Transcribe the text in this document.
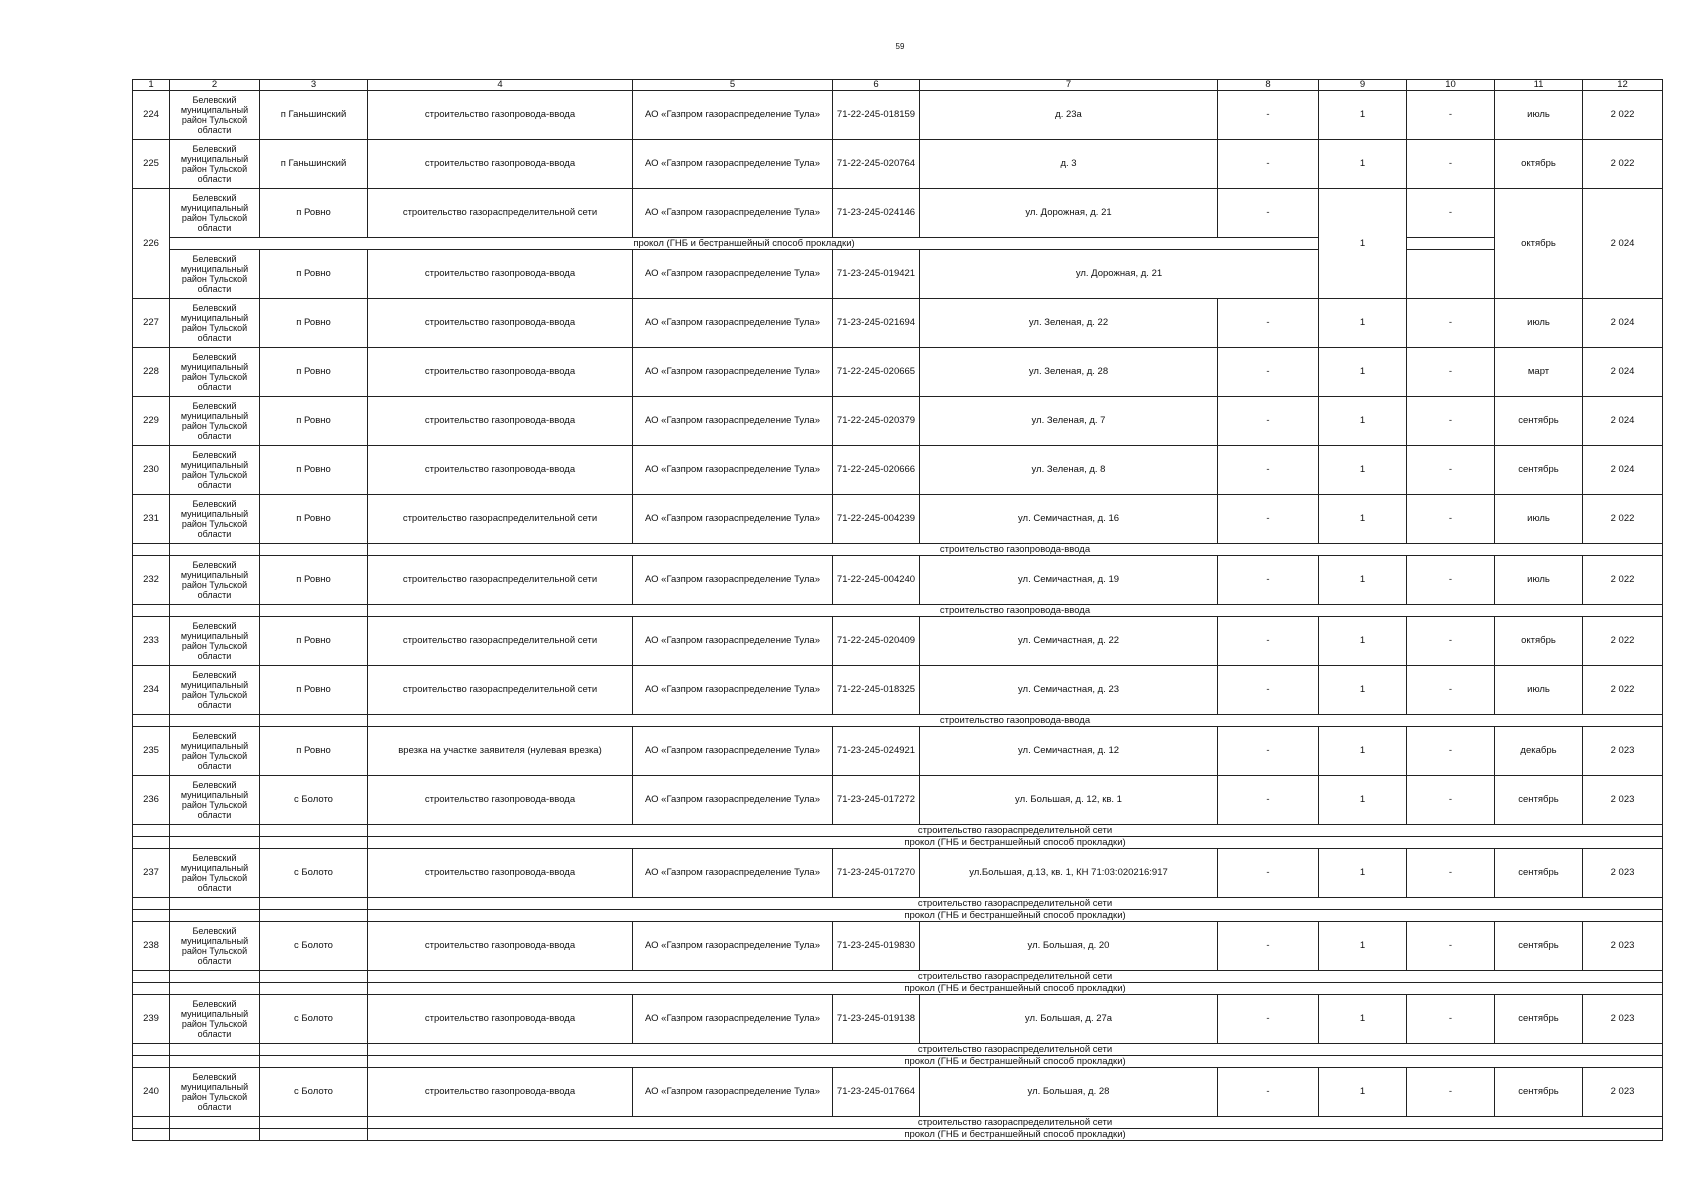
59
1	2	3	4	5	6	7	8	9	10	11	12
224	Белевский муниципальный район Тульской области	п Ганьшинский	строительство газопровода-ввода	АО «Газпром газораспределение Тула»	71-22-245-018159	д. 23а	-	1	-	июль	2 022
225	Белевский муниципальный район Тульской области	п Ганьшинский	строительство газопровода-ввода	АО «Газпром газораспределение Тула»	71-22-245-020764	д. 3	-	1	-	октябрь	2 022
226	Белевский муниципальный район Тульской области	п Ровно	строительство газораспределительной сети	АО «Газпром газораспределение Тула»	71-23-245-024146	ул. Дорожная, д. 21	-	1	-	октябрь	2 024
	прокол (ГНБ и бестраншейный способ прокладки)										
	Белевский муниципальный район Тульской области	п Ровно	строительство газопровода-ввода	АО «Газпром газораспределение Тула»	71-23-245-019421	ул. Дорожная, д. 21					
227	Белевский муниципальный район Тульской области	п Ровно	строительство газопровода-ввода	АО «Газпром газораспределение Тула»	71-23-245-021694	ул. Зеленая, д. 22	-	1	-	июль	2 024
228	Белевский муниципальный район Тульской области	п Ровно	строительство газопровода-ввода	АО «Газпром газораспределение Тула»	71-22-245-020665	ул. Зеленая, д. 28	-	1	-	март	2 024
229	Белевский муниципальный район Тульской области	п Ровно	строительство газопровода-ввода	АО «Газпром газораспределение Тула»	71-22-245-020379	ул. Зеленая, д. 7	-	1	-	сентябрь	2 024
230	Белевский муниципальный район Тульской области	п Ровно	строительство газопровода-ввода	АО «Газпром газораспределение Тула»	71-22-245-020666	ул. Зеленая, д. 8	-	1	-	сентябрь	2 024
231	Белевский муниципальный район Тульской области	п Ровно	строительство газораспределительной сети	АО «Газпром газораспределение Тула»	71-22-245-004239	ул. Семичастная, д. 16	-	1	-	июль	2 022
			строительство газопровода-ввода								
232	Белевский муниципальный район Тульской области	п Ровно	строительство газораспределительной сети	АО «Газпром газораспределение Тула»	71-22-245-004240	ул. Семичастная, д. 19	-	1	-	июль	2 022
			строительство газопровода-ввода								
233	Белевский муниципальный район Тульской области	п Ровно	строительство газораспределительной сети	АО «Газпром газораспределение Тула»	71-22-245-020409	ул. Семичастная, д. 22	-	1	-	октябрь	2 022
234	Белевский муниципальный район Тульской области	п Ровно	строительство газораспределительной сети	АО «Газпром газораспределение Тула»	71-22-245-018325	ул. Семичастная, д. 23	-	1	-	июль	2 022
			строительство газопровода-ввода								
235	Белевский муниципальный район Тульской области	п Ровно	врезка на участке заявителя (нулевая врезка)	АО «Газпром газораспределение Тула»	71-23-245-024921	ул. Семичастная, д. 12	-	1	-	декабрь	2 023
236	Белевский муниципальный район Тульской области	с Болото	строительство газопровода-ввода	АО «Газпром газораспределение Тула»	71-23-245-017272	ул. Большая, д. 12, кв. 1	-	1	-	сентябрь	2 023
			строительство газораспределительной сети								
			прокол (ГНБ и бестраншейный способ прокладки)								
237	Белевский муниципальный район Тульской области	с Болото	строительство газопровода-ввода	АО «Газпром газораспределение Тула»	71-23-245-017270	ул.Большая, д.13, кв. 1, КН 71:03:020216:917	-	1	-	сентябрь	2 023
			строительство газораспределительной сети								
			прокол (ГНБ и бестраншейный способ прокладки)								
238	Белевский муниципальный район Тульской области	с Болото	строительство газопровода-ввода	АО «Газпром газораспределение Тула»	71-23-245-019830	ул. Большая, д. 20	-	1	-	сентябрь	2 023
			строительство газораспределительной сети								
			прокол (ГНБ и бестраншейный способ прокладки)								
239	Белевский муниципальный район Тульской области	с Болото	строительство газопровода-ввода	АО «Газпром газораспределение Тула»	71-23-245-019138	ул. Большая, д. 27а	-	1	-	сентябрь	2 023
			строительство газораспределительной сети								
			прокол (ГНБ и бестраншейный способ прокладки)								
240	Белевский муниципальный район Тульской области	с Болото	строительство газопровода-ввода	АО «Газпром газораспределение Тула»	71-23-245-017664	ул. Большая, д. 28	-	1	-	сентябрь	2 023
			строительство газораспределительной сети								
			прокол (ГНБ и бестраншейный способ прокладки)								
